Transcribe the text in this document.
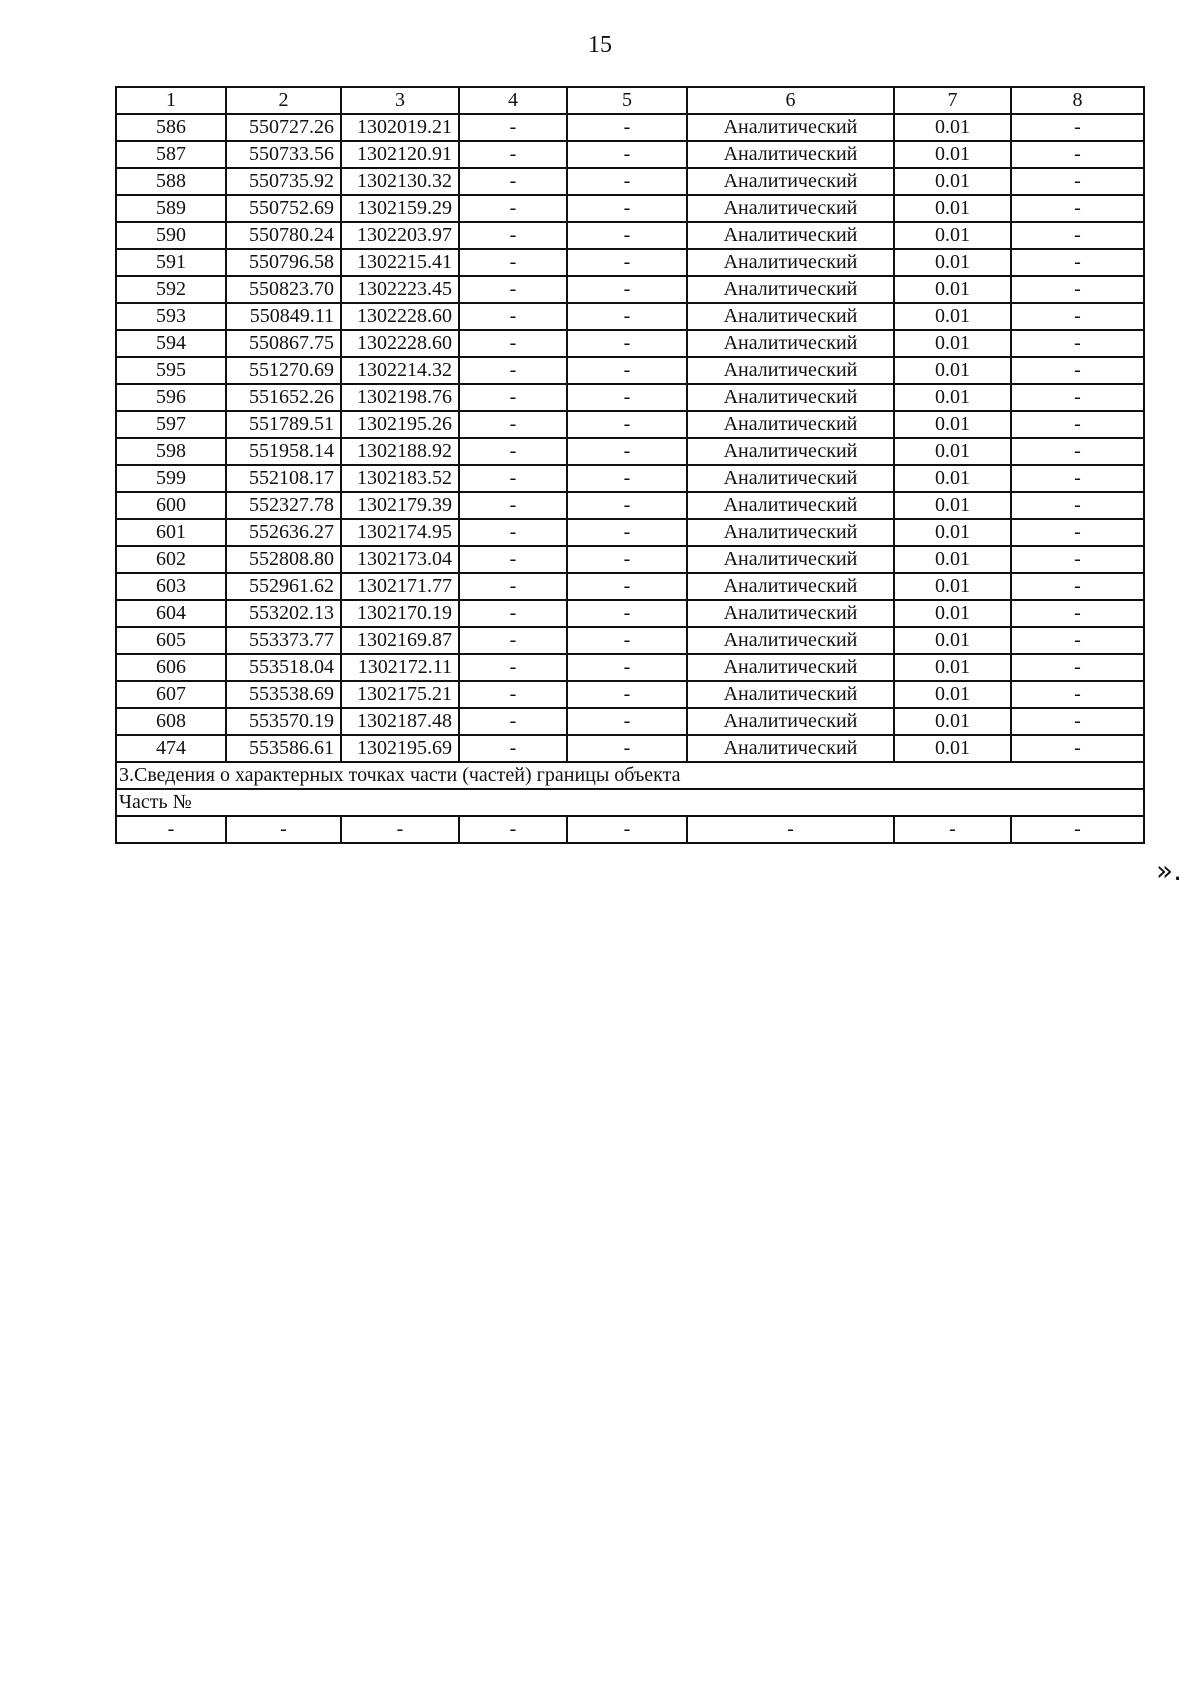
15
1	2	3	4	5	6	7	8
586	550727.26	1302019.21	-	-	Аналитический	0.01	-
587	550733.56	1302120.91	-	-	Аналитический	0.01	-
588	550735.92	1302130.32	-	-	Аналитический	0.01	-
589	550752.69	1302159.29	-	-	Аналитический	0.01	-
590	550780.24	1302203.97	-	-	Аналитический	0.01	-
591	550796.58	1302215.41	-	-	Аналитический	0.01	-
592	550823.70	1302223.45	-	-	Аналитический	0.01	-
593	550849.11	1302228.60	-	-	Аналитический	0.01	-
594	550867.75	1302228.60	-	-	Аналитический	0.01	-
595	551270.69	1302214.32	-	-	Аналитический	0.01	-
596	551652.26	1302198.76	-	-	Аналитический	0.01	-
597	551789.51	1302195.26	-	-	Аналитический	0.01	-
598	551958.14	1302188.92	-	-	Аналитический	0.01	-
599	552108.17	1302183.52	-	-	Аналитический	0.01	-
600	552327.78	1302179.39	-	-	Аналитический	0.01	-
601	552636.27	1302174.95	-	-	Аналитический	0.01	-
602	552808.80	1302173.04	-	-	Аналитический	0.01	-
603	552961.62	1302171.77	-	-	Аналитический	0.01	-
604	553202.13	1302170.19	-	-	Аналитический	0.01	-
605	553373.77	1302169.87	-	-	Аналитический	0.01	-
606	553518.04	1302172.11	-	-	Аналитический	0.01	-
607	553538.69	1302175.21	-	-	Аналитический	0.01	-
608	553570.19	1302187.48	-	-	Аналитический	0.01	-
474	553586.61	1302195.69	-	-	Аналитический	0.01	-
3.Сведения о характерных точках части (частей) границы объекта							
Часть №							
-	-	-	-	-	-	-	-
».
